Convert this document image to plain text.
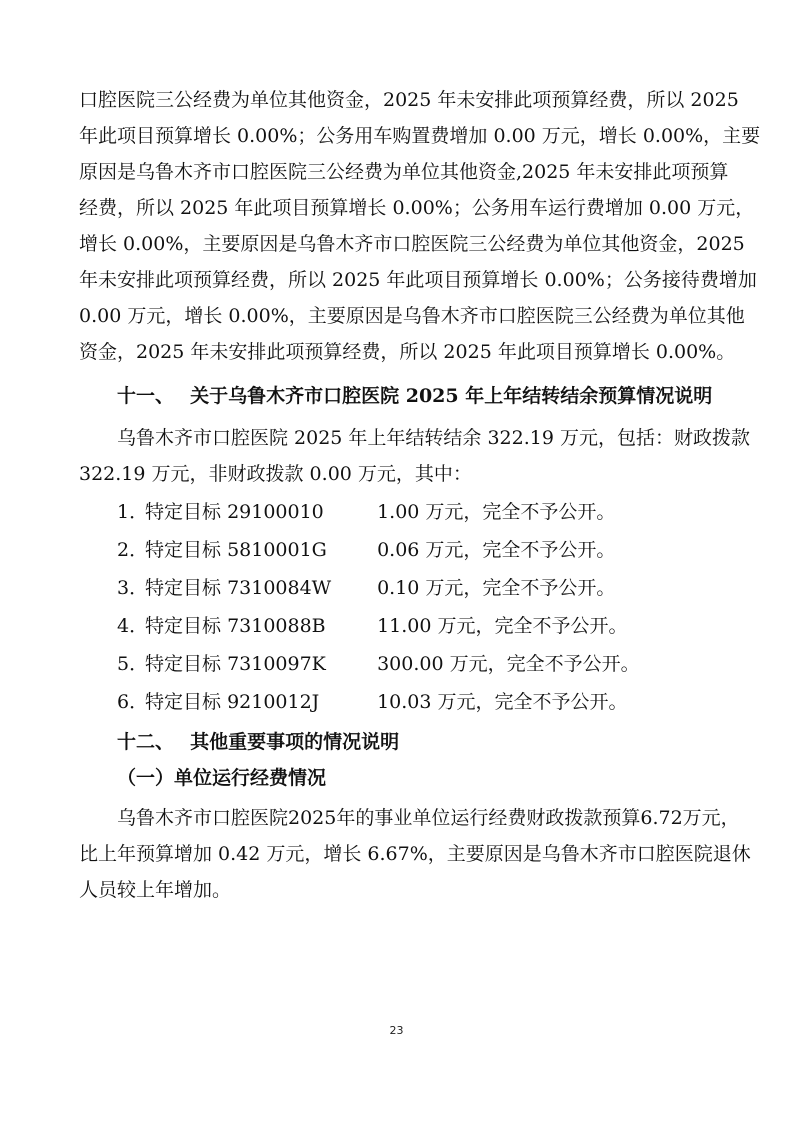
口腔医院三公经费为单位其他资金，2025 年未安排此项预算经费，所以 2025
年此项目预算增长 0.00%；公务用车购置费增加 0.00 万元，增长 0.00%，主要
原因是乌鲁木齐市口腔医院三公经费为单位其他资金,2025 年未安排此项预算
经费，所以 2025 年此项目预算增长 0.00%；公务用车运行费增加 0.00 万元，
增长 0.00%，主要原因是乌鲁木齐市口腔医院三公经费为单位其他资金，2025
年未安排此项预算经费，所以 2025 年此项目预算增长 0.00%；公务接待费增加
0.00 万元，增长 0.00%，主要原因是乌鲁木齐市口腔医院三公经费为单位其他
资金，2025 年未安排此项预算经费，所以 2025 年此项目预算增长 0.00%。
十一、　 关于乌鲁木齐市口腔医院 2025 年上年结转结余预算情况说明
乌鲁木齐市口腔医院 2025 年上年结转结余 322.19 万元，包括：财政拨款
322.19 万元，非财政拨款 0.00 万元，其中：
1．特定目标 29100010	1.00 万元，完全不予公开。
2．特定目标 5810001G	0.06 万元，完全不予公开。
3．特定目标 7310084W 0.10 万元，完全不予公开。
4．特定目标 7310088B	11.00 万元，完全不予公开。
5．特定目标 7310097K	300.00 万元，完全不予公开。
6．特定目标 9210012J	10.03 万元，完全不予公开。
十二、　 其他重要事项的情况说明
（一）单位运行经费情况
乌鲁木齐市口腔医院2025年的事业单位运行经费财政拨款预算6.72万元，
比上年预算增加 0.42 万元，增长 6.67%，主要原因是乌鲁木齐市口腔医院退休
人员较上年增加。
23
